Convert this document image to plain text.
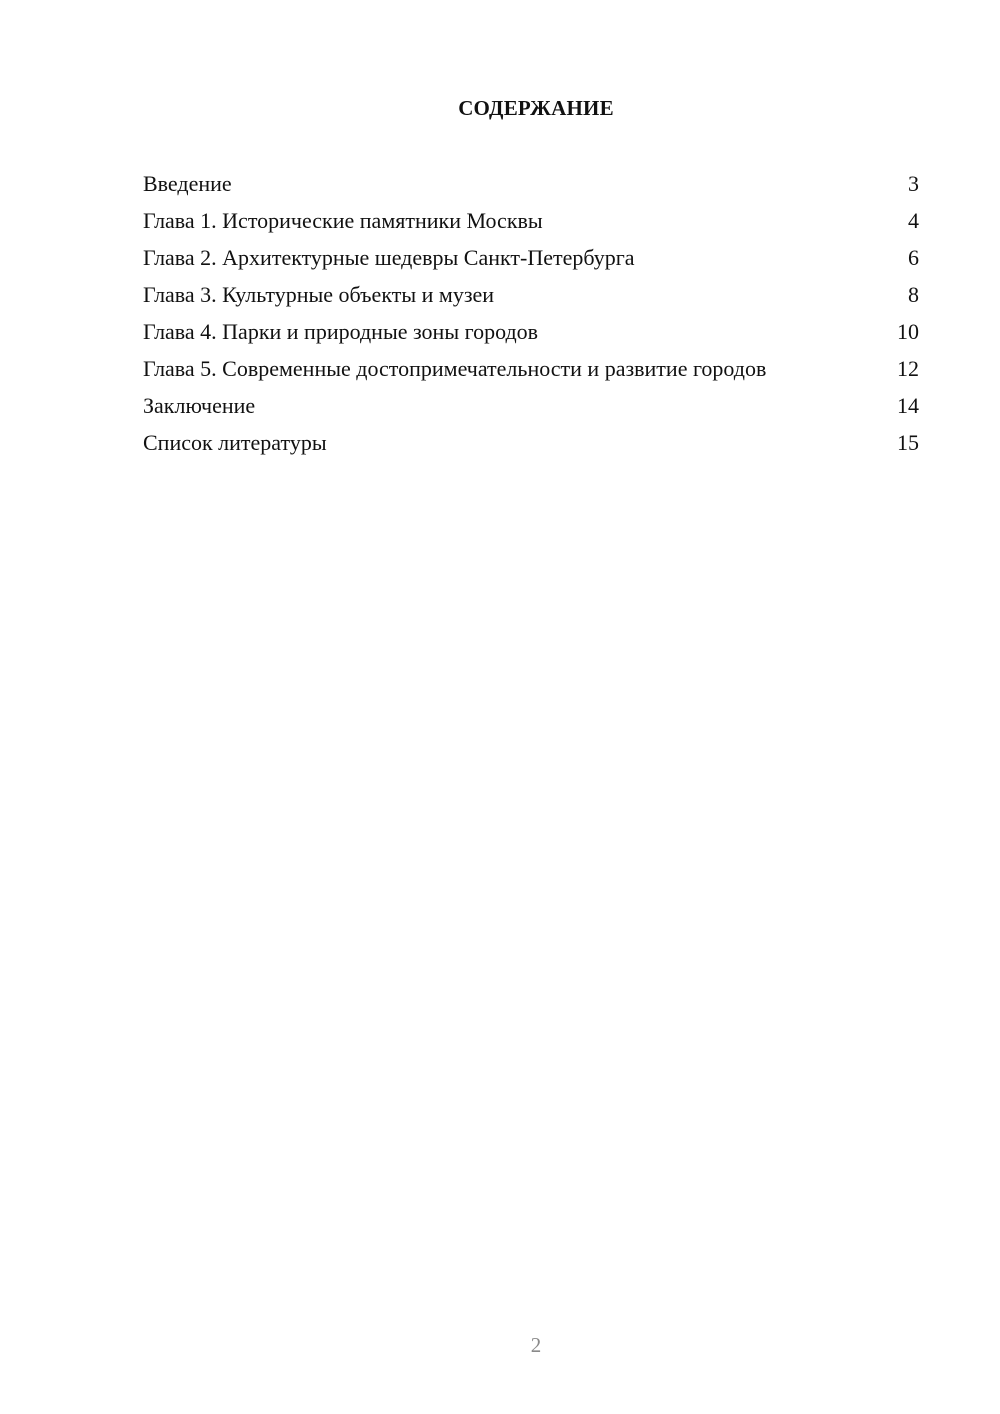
СОДЕРЖАНИЕ
Введение	3
Глава 1. Исторические памятники Москвы	4
Глава 2. Архитектурные шедевры Санкт-Петербурга	6
Глава 3. Культурные объекты и музеи	8
Глава 4. Парки и природные зоны городов	10
Глава 5. Современные достопримечательности и развитие городов	12
Заключение	14
Список литературы	15
2
